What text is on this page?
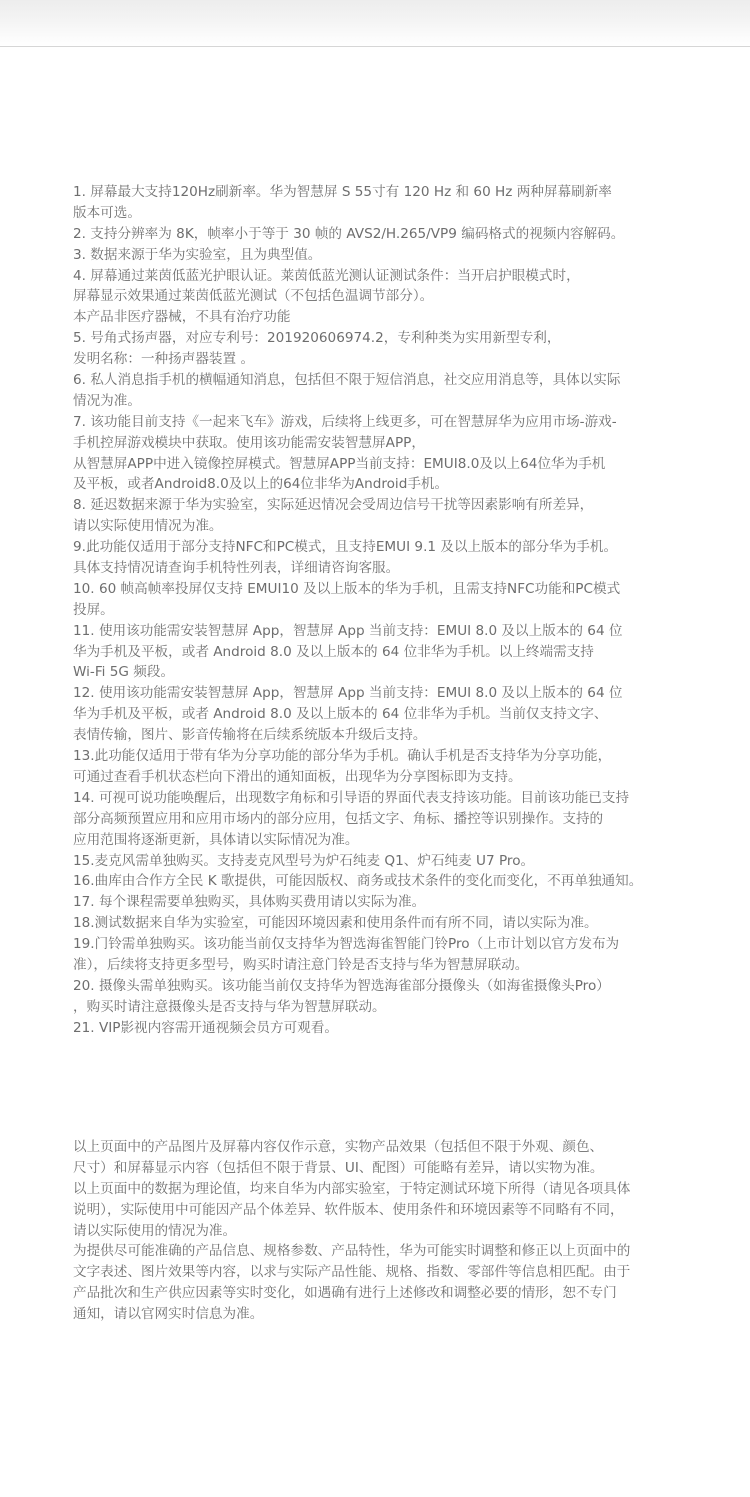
1. 屏幕最大支持120Hz刷新率。华为智慧屏 S 55寸有 120 Hz 和 60 Hz 两种屏幕刷新率
版本可选。
2. 支持分辨率为 8K，帧率小于等于 30 帧的 AVS2/H.265/VP9 编码格式的视频内容解码。
3. 数据来源于华为实验室，且为典型值。
4. 屏幕通过莱茵低蓝光护眼认证。莱茵低蓝光测认证测试条件：当开启护眼模式时，
屏幕显示效果通过莱茵低蓝光测试（不包括色温调节部分）。
本产品非医疗器械，不具有治疗功能
5. 号角式扬声器，对应专利号：201920606974.2，专利种类为实用新型专利，
发明名称：一种扬声器装置 。
6. 私人消息指手机的横幅通知消息，包括但不限于短信消息，社交应用消息等，具体以实际
情况为准。
7. 该功能目前支持《一起来飞车》游戏，后续将上线更多，可在智慧屏华为应用市场-游戏-
手机控屏游戏模块中获取。使用该功能需安装智慧屏APP，
从智慧屏APP中进入镜像控屏模式。智慧屏APP当前支持：EMUI8.0及以上64位华为手机
及平板，或者Android8.0及以上的64位非华为Android手机。
8. 延迟数据来源于华为实验室，实际延迟情况会受周边信号干扰等因素影响有所差异，
请以实际使用情况为准。
9.此功能仅适用于部分支持NFC和PC模式，且支持EMUI 9.1 及以上版本的部分华为手机。
具体支持情况请查询手机特性列表，详细请咨询客服。
10. 60 帧高帧率投屏仅支持 EMUI10 及以上版本的华为手机，且需支持NFC功能和PC模式
投屏。
11. 使用该功能需安装智慧屏 App，智慧屏 App 当前支持：EMUI 8.0 及以上版本的 64 位
华为手机及平板，或者 Android 8.0 及以上版本的 64 位非华为手机。以上终端需支持
Wi-Fi 5G 频段。
12. 使用该功能需安装智慧屏 App，智慧屏 App 当前支持：EMUI 8.0 及以上版本的 64 位
华为手机及平板，或者 Android 8.0 及以上版本的 64 位非华为手机。当前仅支持文字、
表情传输，图片、影音传输将在后续系统版本升级后支持。
13.此功能仅适用于带有华为分享功能的部分华为手机。确认手机是否支持华为分享功能，
可通过查看手机状态栏向下滑出的通知面板，出现华为分享图标即为支持。
14. 可视可说功能唤醒后，出现数字角标和引导语的界面代表支持该功能。目前该功能已支持
部分高频预置应用和应用市场内的部分应用，包括文字、角标、播控等识别操作。支持的
应用范围将逐渐更新，具体请以实际情况为准。
15.麦克风需单独购买。支持麦克风型号为炉石纯麦 Q1、炉石纯麦 U7 Pro。
16.曲库由合作方全民 K 歌提供，可能因版权、商务或技术条件的变化而变化，不再单独通知。
17. 每个课程需要单独购买，具体购买费用请以实际为准。
18.测试数据来自华为实验室，可能因环境因素和使用条件而有所不同，请以实际为准。
19.门铃需单独购买。该功能当前仅支持华为智选海雀智能门铃Pro（上市计划以官方发布为
准），后续将支持更多型号，购买时请注意门铃是否支持与华为智慧屏联动。
20. 摄像头需单独购买。该功能当前仅支持华为智选海雀部分摄像头（如海雀摄像头Pro）
，购买时请注意摄像头是否支持与华为智慧屏联动。
21. VIP影视内容需开通视频会员方可观看。
以上页面中的产品图片及屏幕内容仅作示意，实物产品效果（包括但不限于外观、颜色、
尺寸）和屏幕显示内容（包括但不限于背景、UI、配图）可能略有差异，请以实物为准。
以上页面中的数据为理论值，均来自华为内部实验室，于特定测试环境下所得（请见各项具体
说明），实际使用中可能因产品个体差异、软件版本、使用条件和环境因素等不同略有不同，
请以实际使用的情况为准。
为提供尽可能准确的产品信息、规格参数、产品特性，华为可能实时调整和修正以上页面中的
文字表述、图片效果等内容，以求与实际产品性能、规格、指数、零部件等信息相匹配。由于
产品批次和生产供应因素等实时变化，如遇确有进行上述修改和调整必要的情形，恕不专门
通知，请以官网实时信息为准。
